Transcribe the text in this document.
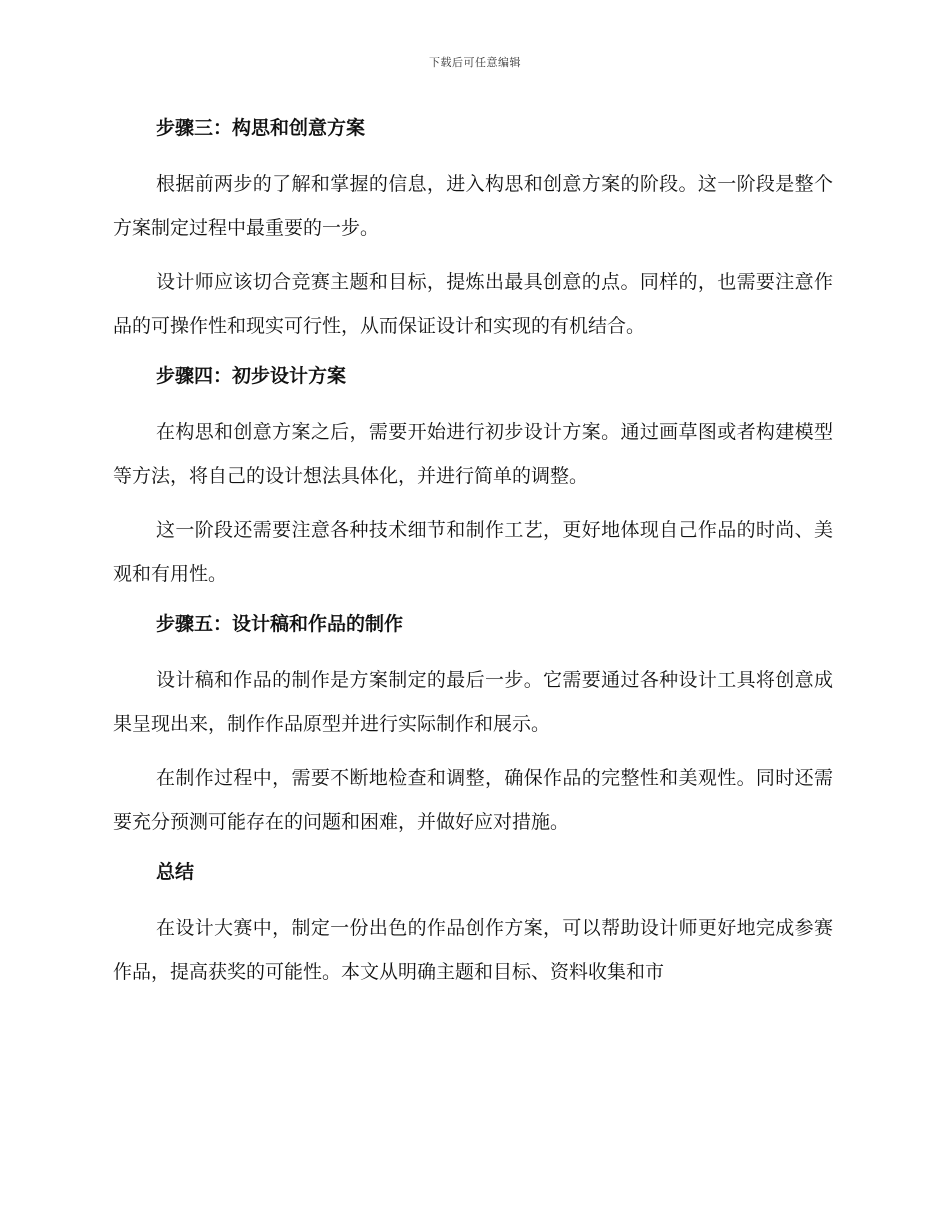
下载后可任意编辑
步骤三：构思和创意方案

根据前两步的了解和掌握的信息，进入构思和创意方案的阶段。这一阶段是整个方案制定过程中最重要的一步。

设计师应该切合竞赛主题和目标，提炼出最具创意的点。同样的，也需要注意作品的可操作性和现实可行性，从而保证设计和实现的有机结合。

步骤四：初步设计方案

在构思和创意方案之后，需要开始进行初步设计方案。通过画草图或者构建模型等方法，将自己的设计想法具体化，并进行简单的调整。

这一阶段还需要注意各种技术细节和制作工艺，更好地体现自己作品的时尚、美观和有用性。

步骤五：设计稿和作品的制作

设计稿和作品的制作是方案制定的最后一步。它需要通过各种设计工具将创意成果呈现出来，制作作品原型并进行实际制作和展示。

在制作过程中，需要不断地检查和调整，确保作品的完整性和美观性。同时还需要充分预测可能存在的问题和困难，并做好应对措施。

总结

在设计大赛中，制定一份出色的作品创作方案，可以帮助设计师更好地完成参赛作品，提高获奖的可能性。本文从明确主题和目标、资料收集和市
